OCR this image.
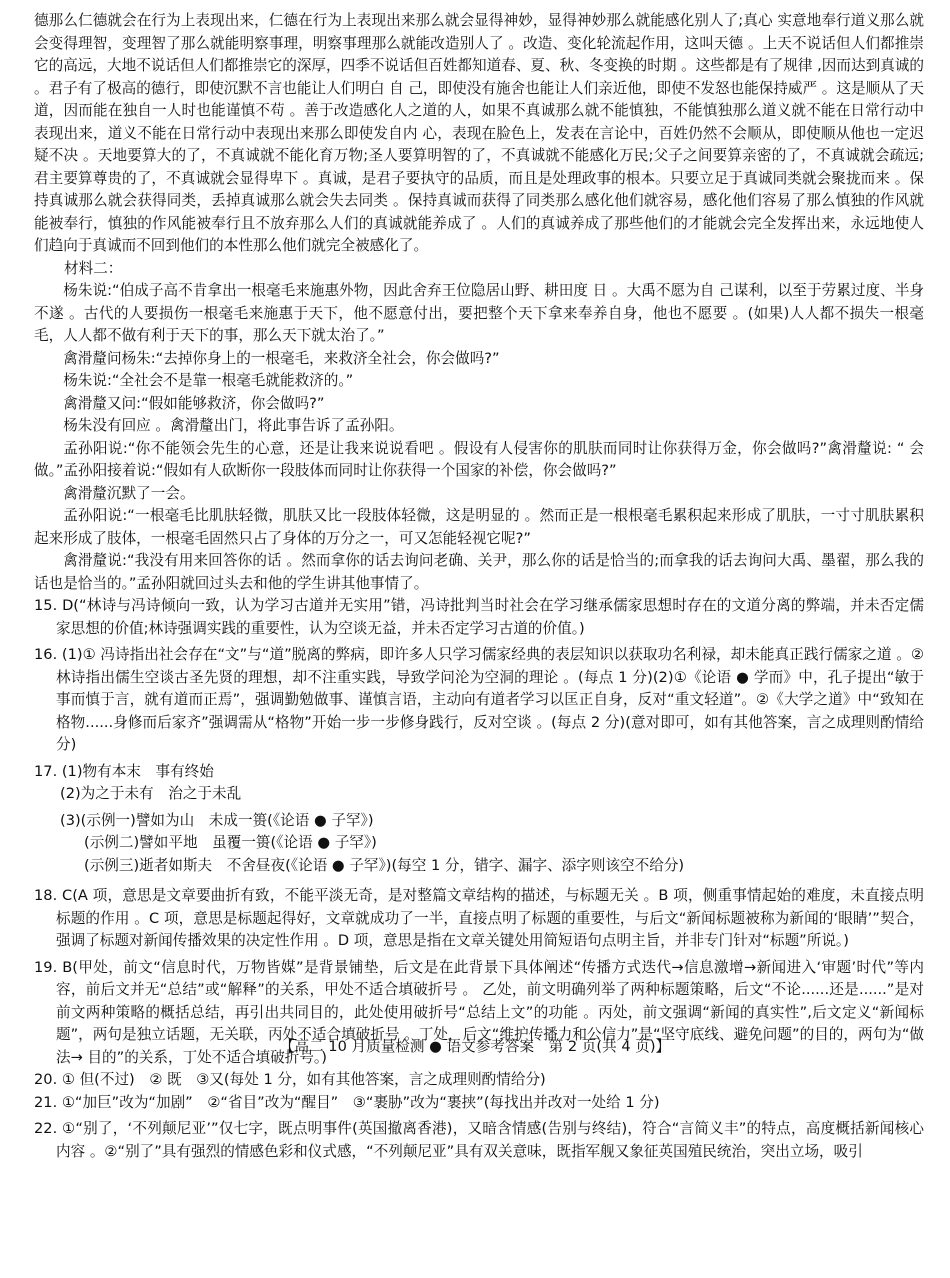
德那么仁德就会在行为上表现出来，仁德在行为上表现出来那么就会显得神妙，显得神妙那么就能感化别人了;真心 实意地奉行道义那么就会变得理智，变理智了那么就能明察事理，明察事理那么就能改造别人了 。改造、变化轮流起作用，这叫天德 。上天不说话但人们都推崇它的高远，大地不说话但人们都推崇它的深厚，四季不说话但百姓都知道春、夏、秋、冬变换的时期 。这些都是有了规律 ,因而达到真诚的 。君子有了极高的德行，即使沉默不言也能让人们明白 自 己，即使没有施舍也能让人们亲近他，即使不发怒也能保持威严 。这是顺从了天道，因而能在独自一人时也能谨慎不苟 。善于改造感化人之道的人，如果不真诚那么就不能慎独，不能慎独那么道义就不能在日常行动中表现出来，道义不能在日常行动中表现出来那么即使发自内 心，表现在脸色上，发表在言论中，百姓仍然不会顺从，即使顺从他也一定迟疑不决 。天地要算大的了，不真诚就不能化育万物;圣人要算明智的了，不真诚就不能感化万民;父子之间要算亲密的了，不真诚就会疏远;君主要算尊贵的了，不真诚就会显得卑下 。真诚，是君子要执守的品质，而且是处理政事的根本。只要立足于真诚同类就会聚拢而来 。保持真诚那么就会获得同类，丢掉真诚那么就会失去同类 。保持真诚而获得了同类那么感化他们就容易，感化他们容易了那么慎独的作风就能被奉行，慎独的作风能被奉行且不放弃那么人们的真诚就能养成了 。人们的真诚养成了那些他们的才能就会完全发挥出来，永远地使人们趋向于真诚而不回到他们的本性那么他们就完全被感化了。

材料二：

杨朱说:“伯成子高不肯拿出一根毫毛来施惠外物，因此舍弃王位隐居山野、耕田度 日 。大禹不愿为自 己谋利，以至于劳累过度、半身不遂 。古代的人要损伤一根毫毛来施惠于天下，他不愿意付出，要把整个天下拿来奉养自身，他也不愿要 。(如果)人人都不损失一根毫毛，人人都不做有利于天下的事，那么天下就太治了。”

禽滑釐问杨朱:“去掉你身上的一根毫毛，来救济全社会，你会做吗?”

杨朱说:“全社会不是靠一根毫毛就能救济的。”

禽滑釐又问:“假如能够救济，你会做吗?”

杨朱没有回应 。禽滑釐出门，将此事告诉了孟孙阳。

孟孙阳说:“你不能领会先生的心意，还是让我来说说看吧 。假设有人侵害你的肌肤而同时让你获得万金，你会做吗?”禽滑釐说: “ 会做。”孟孙阳接着说:“假如有人砍断你一段肢体而同时让你获得一个国家的补偿，你会做吗?”

禽滑釐沉默了一会。

孟孙阳说:“一根毫毛比肌肤轻微，肌肤又比一段肢体轻微，这是明显的 。然而正是一根根毫毛累积起来形成了肌肤，一寸寸肌肤累积起来形成了肢体，一根毫毛固然只占了身体的万分之一，可又怎能轻视它呢?”

禽滑釐说:“我没有用来回答你的话 。然而拿你的话去询问老确、关尹，那么你的话是恰当的;而拿我的话去询问大禹、墨翟，那么我的话也是恰当的。”孟孙阳就回过头去和他的学生讲其他事情了。

15. D(“林诗与冯诗倾向一致，认为学习古道并无实用”错，冯诗批判当时社会在学习继承儒家思想时存在的文道分离的弊端，并未否定儒家思想的价值;林诗强调实践的重要性，认为空谈无益，并未否定学习古道的价值。)

16. (1)① 冯诗指出社会存在“文”与“道”脱离的弊病，即许多人只学习儒家经典的表层知识以获取功名利禄，却未能真正践行儒家之道 。②林诗指出儒生空谈古圣先贤的理想，却不注重实践，导致学问沦为空洞的理论 。(每点 1 分)(2)①《论语 ● 学而》中，孔子提出“敏于事而慎于言，就有道而正焉”，强调勤勉做事、谨慎言语，主动向有道者学习以匡正自身，反对“重文轻道”。②《大学之道》中“致知在格物......身修而后家齐”强调需从“格物”开始一步一步修身践行，反对空谈 。(每点 2 分)(意对即可，如有其他答案，言之成理则酌情给分)

17. (1)物有本末　事有终始

(2)为之于未有　治之于未乱

(3)(示例一)譬如为山　未成一篑(《论语 ● 子罕》)

(示例二)譬如平地　虽覆一篑(《论语 ● 子罕》)

(示例三)逝者如斯夫　不舍昼夜(《论语 ● 子罕》)(每空 1 分，错字、漏字、添字则该空不给分)

18. C(A 项，意思是文章要曲折有致，不能平淡无奇，是对整篇文章结构的描述，与标题无关 。B 项，侧重事情起始的难度，未直接点明标题的作用 。C 项，意思是标题起得好，文章就成功了一半，直接点明了标题的重要性，与后文“新闻标题被称为新闻的‘眼睛’”契合，强调了标题对新闻传播效果的决定性作用 。D 项，意思是指在文章关键处用简短语句点明主旨，并非专门针对“标题”所说。)

19. B(甲处，前文“信息时代，万物皆媒”是背景铺垫，后文是在此背景下具体阐述“传播方式迭代→信息激增→新闻进入‘审题’时代”等内容，前后文并无“总结”或“解释”的关系，甲处不适合填破折号 。 乙处，前文明确列举了两种标题策略，后文“不论......还是......”是对前文两种策略的概括总结，再引出共同目的，此处使用破折号“总结上文”的功能 。丙处，前文强调“新闻的真实性”,后文定义“新闻标题”，两句是独立话题，无关联，丙处不适合填破折号 。丁处，后文“维护传播力和公信力”是“坚守底线、避免问题”的目的，两句为“做法→ 目的”的关系，丁处不适合填破折号。)

20. ① 但(不过)　② 既　③又(每处 1 分，如有其他答案，言之成理则酌情给分)

21. ①“加巨”改为“加剧”　②“省目”改为“醒目”　③“裹胁”改为“裹挟”(每找出并改对一处给 1 分)

22. ①“别了，‘不列颠尼亚’”仅七字，既点明事件(英国撤离香港)，又暗含情感(告别与终结)，符合“言简义丰”的特点，高度概括新闻核心内容 。②“别了”具有强烈的情感色彩和仪式感，“不列颠尼亚”具有双关意味，既指军舰又象征英国殖民统治，突出立场，吸引

【高二 10 月质量检测 ● 语文参考答案　第 2 页(共 4 页)】
